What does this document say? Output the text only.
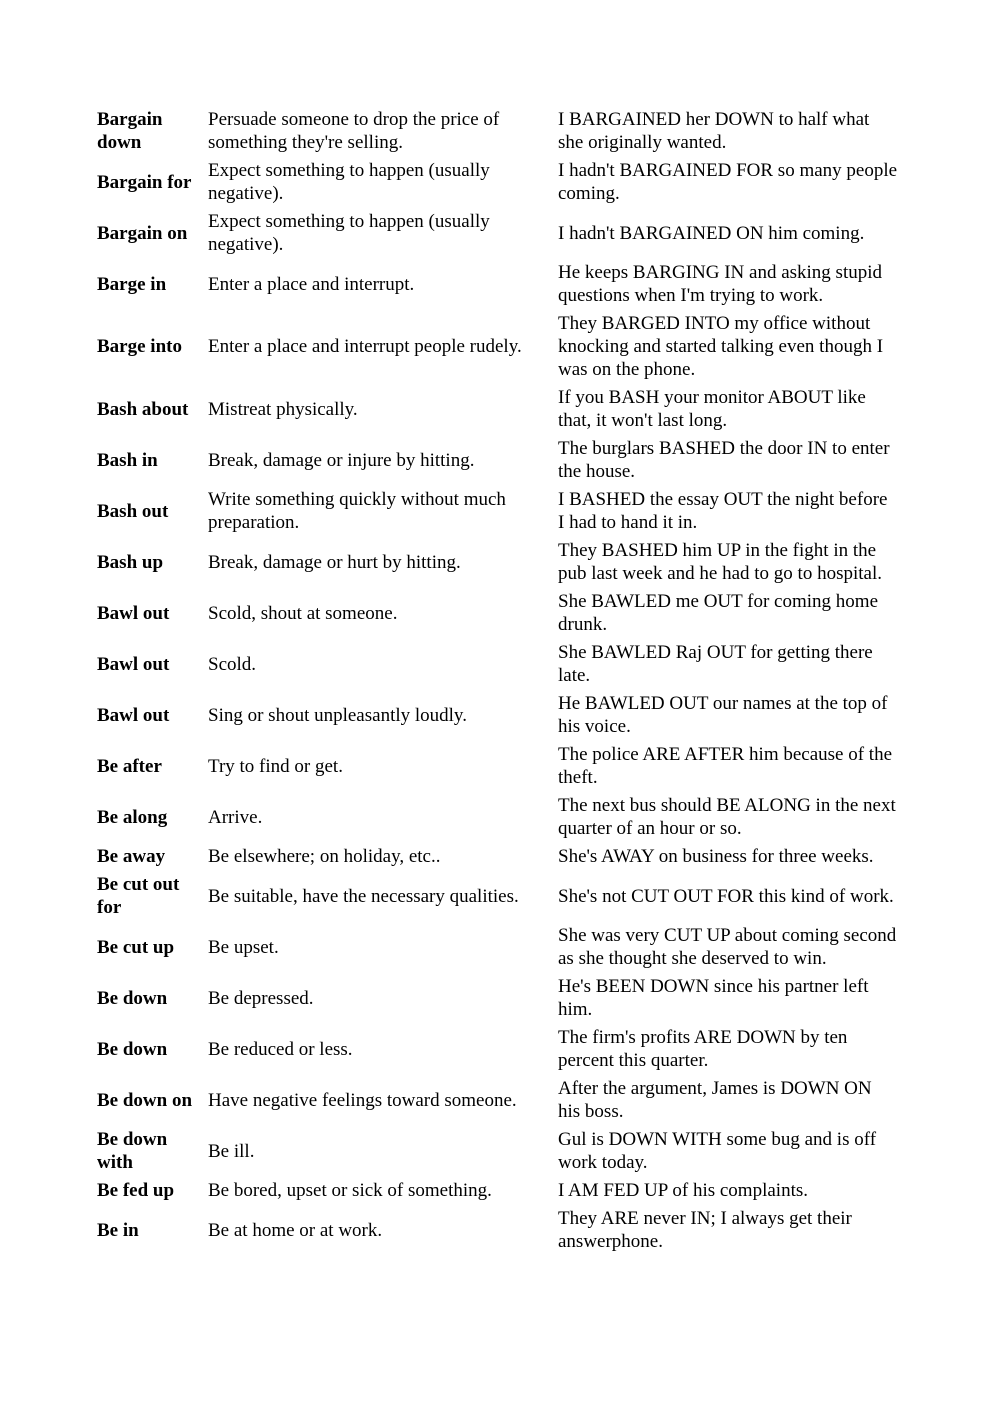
Bargain down	Persuade someone to drop the price of something they're selling.	I BARGAINED her DOWN to half what she originally wanted.
Bargain for	Expect something to happen (usually negative).	I hadn't BARGAINED FOR so many people coming.
Bargain on	Expect something to happen (usually negative).	I hadn't BARGAINED ON him coming.
Barge in	Enter a place and interrupt.	He keeps BARGING IN and asking stupid questions when I'm trying to work.
Barge into	Enter a place and interrupt people rudely.	They BARGED INTO my office without knocking and started talking even though I was on the phone.
Bash about	Mistreat physically.	If you BASH your monitor ABOUT like that, it won't last long.
Bash in	Break, damage or injure by hitting.	The burglars BASHED the door IN to enter the house.
Bash out	Write something quickly without much preparation.	I BASHED the essay OUT the night before I had to hand it in.
Bash up	Break, damage or hurt by hitting.	They BASHED him UP in the fight in the pub last week and he had to go to hospital.
Bawl out	Scold, shout at someone.	She BAWLED me OUT for coming home drunk.
Bawl out	Scold.	She BAWLED Raj OUT for getting there late.
Bawl out	Sing or shout unpleasantly loudly.	He BAWLED OUT our names at the top of his voice.
Be after	Try to find or get.	The police ARE AFTER him because of the theft.
Be along	Arrive.	The next bus should BE ALONG in the next quarter of an hour or so.
Be away	Be elsewhere; on holiday, etc..	She's AWAY on business for three weeks.
Be cut out for	Be suitable, have the necessary qualities.	She's not CUT OUT FOR this kind of work.
Be cut up	Be upset.	She was very CUT UP about coming second as she thought she deserved to win.
Be down	Be depressed.	He's BEEN DOWN since his partner left him.
Be down	Be reduced or less.	The firm's profits ARE DOWN by ten percent this quarter.
Be down on	Have negative feelings toward someone.	After the argument, James is DOWN ON his boss.
Be down with	Be ill.	Gul is DOWN WITH some bug and is off work today.
Be fed up	Be bored, upset or sick of something.	I AM FED UP of his complaints.
Be in	Be at home or at work.	They ARE never IN; I always get their answerphone.
